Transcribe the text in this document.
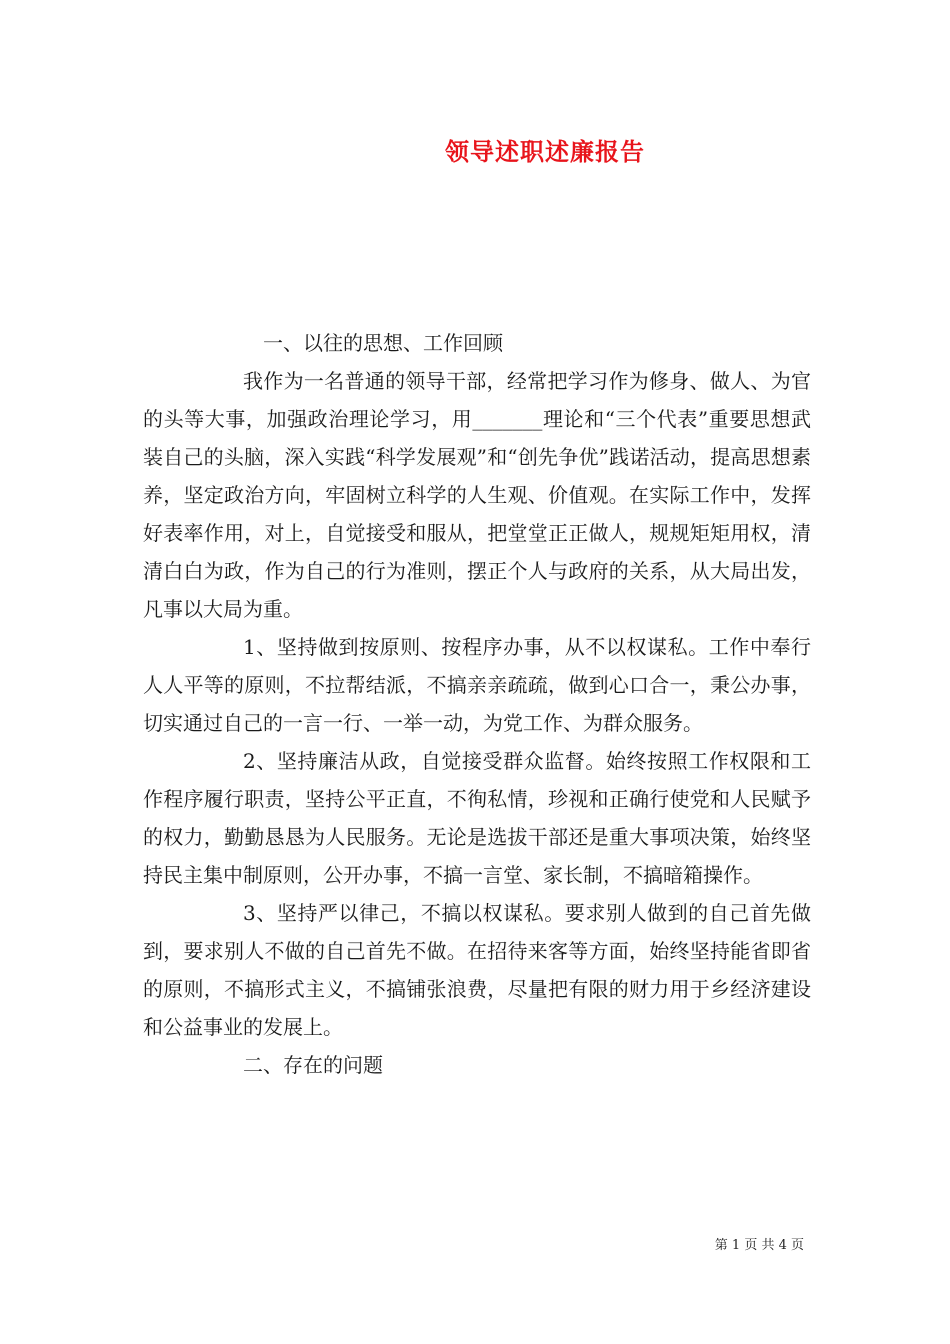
领导述职述廉报告

一、以往的思想、工作回顾

我作为一名普通的领导干部，经常把学习作为修身、做人、为官的头等大事，加强政治理论学习，用_______理论和“三个代表”重要思想武装自己的头脑，深入实践“科学发展观”和“创先争优”践诺活动，提高思想素养，坚定政治方向，牢固树立科学的人生观、价值观。在实际工作中，发挥好表率作用，对上，自觉接受和服从，把堂堂正正做人，规规矩矩用权，清清白白为政，作为自己的行为准则，摆正个人与政府的关系，从大局出发，凡事以大局为重。

1、坚持做到按原则、按程序办事，从不以权谋私。工作中奉行人人平等的原则，不拉帮结派，不搞亲亲疏疏，做到心口合一，秉公办事，切实通过自己的一言一行、一举一动，为党工作、为群众服务。

2、坚持廉洁从政，自觉接受群众监督。始终按照工作权限和工作程序履行职责，坚持公平正直，不徇私情，珍视和正确行使党和人民赋予的权力，勤勤恳恳为人民服务。无论是选拔干部还是重大事项决策，始终坚持民主集中制原则，公开办事，不搞一言堂、家长制，不搞暗箱操作。

3、坚持严以律己，不搞以权谋私。要求别人做到的自己首先做到，要求别人不做的自己首先不做。在招待来客等方面，始终坚持能省即省的原则，不搞形式主义，不搞铺张浪费，尽量把有限的财力用于乡经济建设和公益事业的发展上。

二、存在的问题

第 1 页 共 4 页
